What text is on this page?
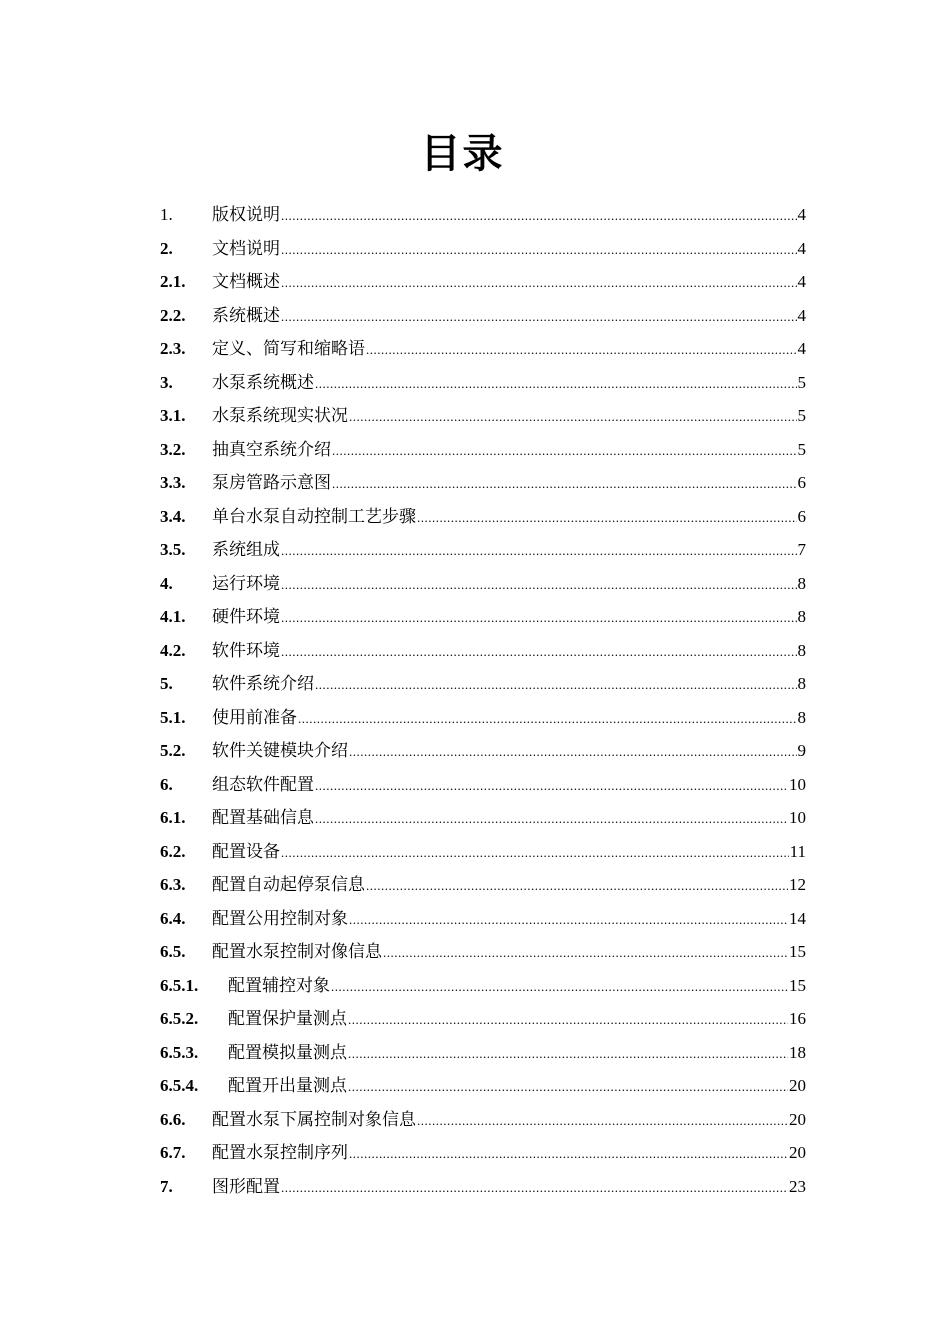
目录
1.	版权说明 .....	4
2.	文档说明 .....	4
2.1.	文档概述 .....	4
2.2.	系统概述 .....	4
2.3.	定义、简写和缩略语 .....	4
3.	水泵系统概述 .....	5
3.1.	水泵系统现实状况 .....	5
3.2.	抽真空系统介绍 .....	5
3.3.	泵房管路示意图 .....	6
3.4.	单台水泵自动控制工艺步骤 .....	6
3.5.	系统组成 .....	7
4.	运行环境 .....	8
4.1.	硬件环境 .....	8
4.2.	软件环境 .....	8
5.	软件系统介绍 .....	8
5.1.	使用前准备 .....	8
5.2.	软件关键模块介绍 .....	9
6.	组态软件配置 .....	10
6.1.	配置基础信息 .....	10
6.2.	配置设备 .....	11
6.3.	配置自动起停泵信息 .....	12
6.4.	配置公用控制对象 .....	14
6.5.	配置水泵控制对像信息 .....	15
6.5.1.	配置辅控对象 .....	15
6.5.2.	配置保护量测点 .....	16
6.5.3.	配置模拟量测点 .....	18
6.5.4.	配置开出量测点 .....	20
6.6.	配置水泵下属控制对象信息 .....	20
6.7.	配置水泵控制序列 .....	20
7.	图形配置 .....	23
